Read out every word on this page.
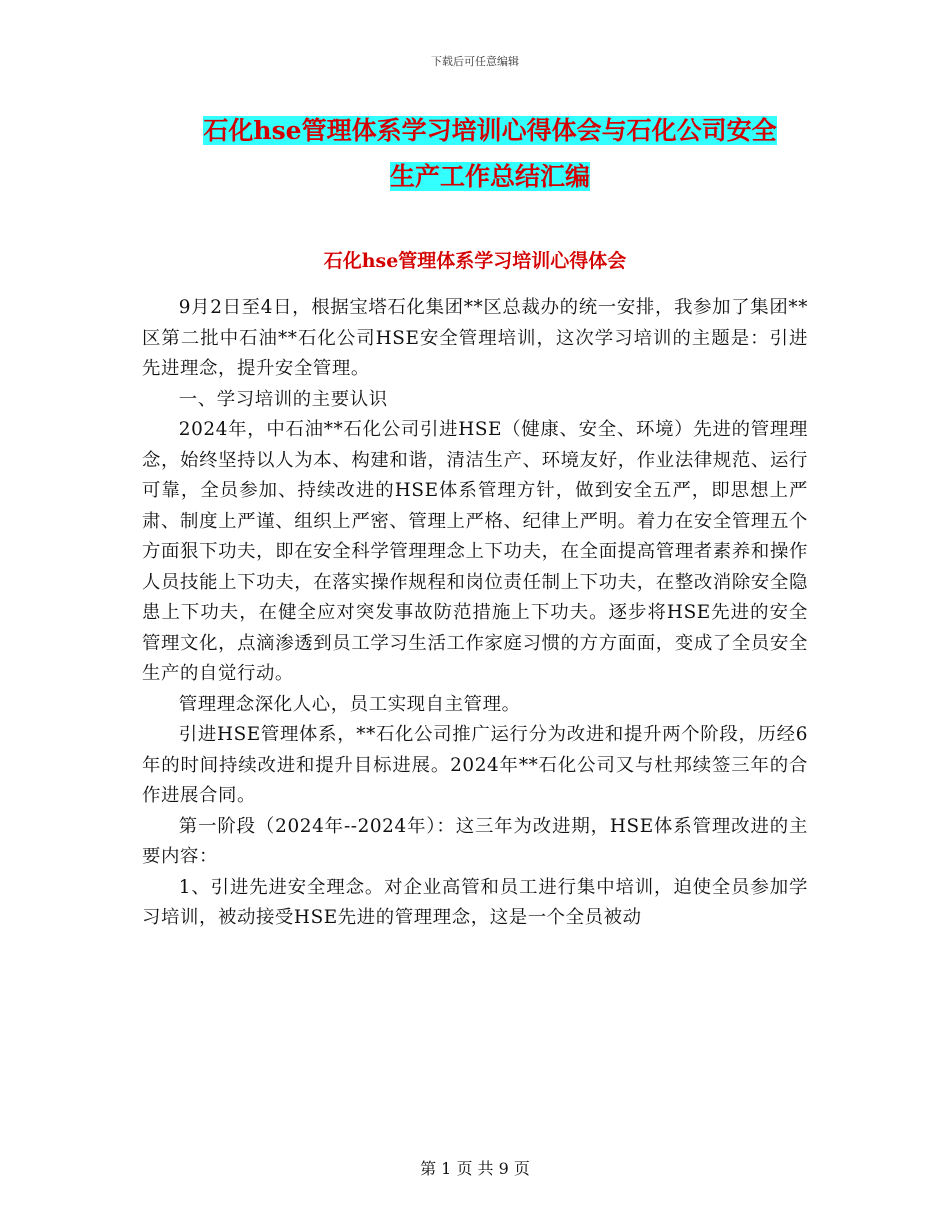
下载后可任意编辑
石化hse管理体系学习培训心得体会与石化公司安全
生产工作总结汇编
石化hse管理体系学习培训心得体会

9月2日至4日，根据宝塔石化集团**区总裁办的统一安排，我参加了集团**区第二批中石油**石化公司HSE安全管理培训，这次学习培训的主题是：引进先进理念，提升安全管理。

一、学习培训的主要认识

2024年，中石油**石化公司引进HSE（健康、安全、环境）先进的管理理念，始终坚持以人为本、构建和谐，清洁生产、环境友好，作业法律规范、运行可靠，全员参加、持续改进的HSE体系管理方针，做到安全五严，即思想上严肃、制度上严谨、组织上严密、管理上严格、纪律上严明。着力在安全管理五个方面狠下功夫，即在安全科学管理理念上下功夫，在全面提高管理者素养和操作人员技能上下功夫，在落实操作规程和岗位责任制上下功夫，在整改消除安全隐患上下功夫，在健全应对突发事故防范措施上下功夫。逐步将HSE先进的安全管理文化，点滴渗透到员工学习生活工作家庭习惯的方方面面，变成了全员安全生产的自觉行动。

管理理念深化人心，员工实现自主管理。

引进HSE管理体系，**石化公司推广运行分为改进和提升两个阶段，历经6年的时间持续改进和提升目标进展。2024年**石化公司又与杜邦续签三年的合作进展合同。

第一阶段（2024年--2024年）：这三年为改进期，HSE体系管理改进的主要内容：

1、引进先进安全理念。对企业高管和员工进行集中培训，迫使全员参加学习培训，被动接受HSE先进的管理理念，这是一个全员被动

第 1 页 共 9 页
